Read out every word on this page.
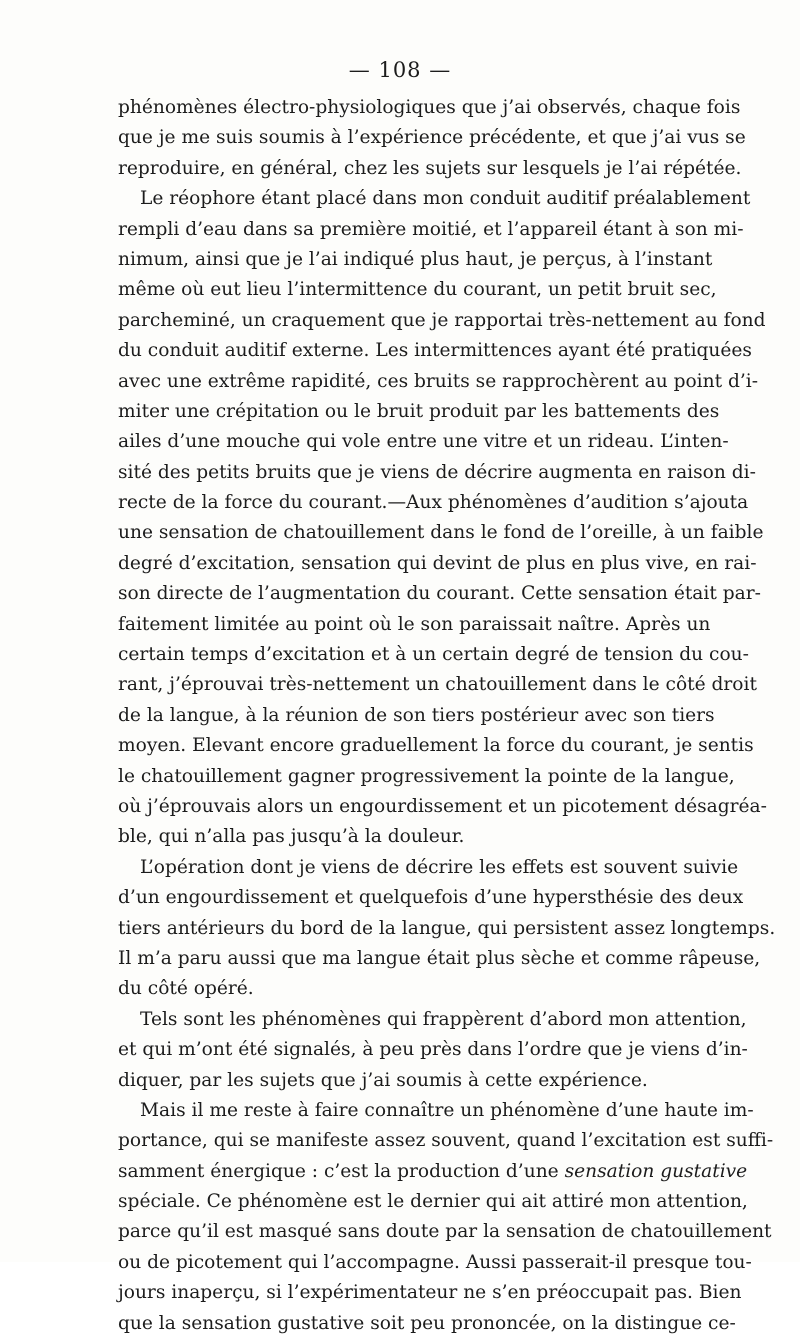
— 108 —
phénomènes électro-physiologiques que j’ai observés, chaque fois
que je me suis soumis à l’expérience précédente, et que j’ai vus se
reproduire, en général, chez les sujets sur lesquels je l’ai répétée.
Le réophore étant placé dans mon conduit auditif préalablement
rempli d’eau dans sa première moitié, et l’appareil étant à son mi-
nimum, ainsi que je l’ai indiqué plus haut, je perçus, à l’instant
même où eut lieu l’intermittence du courant, un petit bruit sec,
parcheminé, un craquement que je rapportai très-nettement au fond
du conduit auditif externe. Les intermittences ayant été pratiquées
avec une extrême rapidité, ces bruits se rapprochèrent au point d’i-
miter une crépitation ou le bruit produit par les battements des
ailes d’une mouche qui vole entre une vitre et un rideau. L’inten-
sité des petits bruits que je viens de décrire augmenta en raison di-
recte de la force du courant.—Aux phénomènes d’audition s’ajouta
une sensation de chatouillement dans le fond de l’oreille, à un faible
degré d’excitation, sensation qui devint de plus en plus vive, en rai-
son directe de l’augmentation du courant. Cette sensation était par-
faitement limitée au point où le son paraissait naître. Après un
certain temps d’excitation et à un certain degré de tension du cou-
rant, j’éprouvai très-nettement un chatouillement dans le côté droit
de la langue, à la réunion de son tiers postérieur avec son tiers
moyen. Elevant encore graduellement la force du courant, je sentis
le chatouillement gagner progressivement la pointe de la langue,
où j’éprouvais alors un engourdissement et un picotement désagréa-
ble, qui n’alla pas jusqu’à la douleur.
L’opération dont je viens de décrire les effets est souvent suivie
d’un engourdissement et quelquefois d’une hypersthésie des deux
tiers antérieurs du bord de la langue, qui persistent assez longtemps.
Il m’a paru aussi que ma langue était plus sèche et comme râpeuse,
du côté opéré.
Tels sont les phénomènes qui frappèrent d’abord mon attention,
et qui m’ont été signalés, à peu près dans l’ordre que je viens d’in-
diquer, par les sujets que j’ai soumis à cette expérience.
Mais il me reste à faire connaître un phénomène d’une haute im-
portance, qui se manifeste assez souvent, quand l’excitation est suffi-
samment énergique : c’est la production d’une sensation gustative
spéciale. Ce phénomène est le dernier qui ait attiré mon attention,
parce qu’il est masqué sans doute par la sensation de chatouillement
ou de picotement qui l’accompagne. Aussi passerait-il presque tou-
jours inaperçu, si l’expérimentateur ne s’en préoccupait pas. Bien
que la sensation gustative soit peu prononcée, on la distingue ce-
